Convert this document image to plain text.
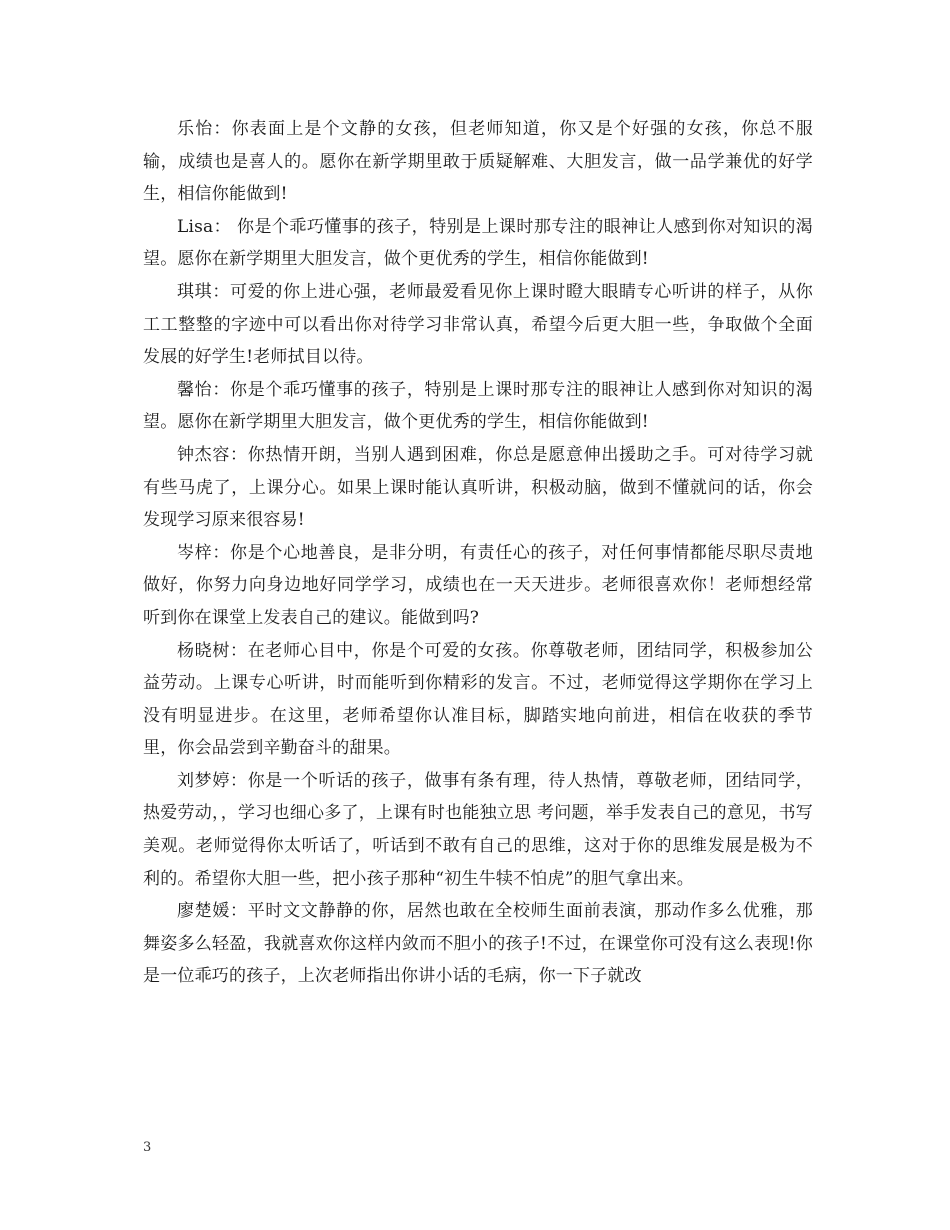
乐怡：你表面上是个文静的女孩，但老师知道，你又是个好强的女孩，你总不服输，成绩也是喜人的。愿你在新学期里敢于质疑解难、大胆发言，做一品学兼优的好学生，相信你能做到!

Lisa： 你是个乖巧懂事的孩子，特别是上课时那专注的眼神让人感到你对知识的渴望。愿你在新学期里大胆发言，做个更优秀的学生，相信你能做到!

琪琪：可爱的你上进心强，老师最爱看见你上课时瞪大眼睛专心听讲的样子，从你工工整整的字迹中可以看出你对待学习非常认真，希望今后更大胆一些，争取做个全面发展的好学生!老师拭目以待。

馨怡：你是个乖巧懂事的孩子，特别是上课时那专注的眼神让人感到你对知识的渴望。愿你在新学期里大胆发言，做个更优秀的学生，相信你能做到!

钟杰容：你热情开朗，当别人遇到困难，你总是愿意伸出援助之手。可对待学习就有些马虎了，上课分心。如果上课时能认真听讲，积极动脑，做到不懂就问的话，你会发现学习原来很容易!

岑梓：你是个心地善良，是非分明，有责任心的孩子，对任何事情都能尽职尽责地做好，你努力向身边地好同学学习，成绩也在一天天进步。老师很喜欢你！老师想经常听到你在课堂上发表自己的建议。能做到吗?

杨晓树：在老师心目中，你是个可爱的女孩。你尊敬老师，团结同学，积极参加公益劳动。上课专心听讲，时而能听到你精彩的发言。不过，老师觉得这学期你在学习上没有明显进步。在这里，老师希望你认准目标，脚踏实地向前进，相信在收获的季节里，你会品尝到辛勤奋斗的甜果。

刘梦婷：你是一个听话的孩子，做事有条有理，待人热情，尊敬老师，团结同学，热爱劳动，，学习也细心多了，上课有时也能独立思 考问题，举手发表自己的意见，书写美观。老师觉得你太听话了，听话到不敢有自己的思维，这对于你的思维发展是极为不利的。希望你大胆一些，把小孩子那种“初生牛犊不怕虎”的胆气拿出来。

廖楚媛：平时文文静静的你，居然也敢在全校师生面前表演，那动作多么优雅，那舞姿多么轻盈，我就喜欢你这样内敛而不胆小的孩子!不过，在课堂你可没有这么表现!你是一位乖巧的孩子，上次老师指出你讲小话的毛病，你一下子就改

3
